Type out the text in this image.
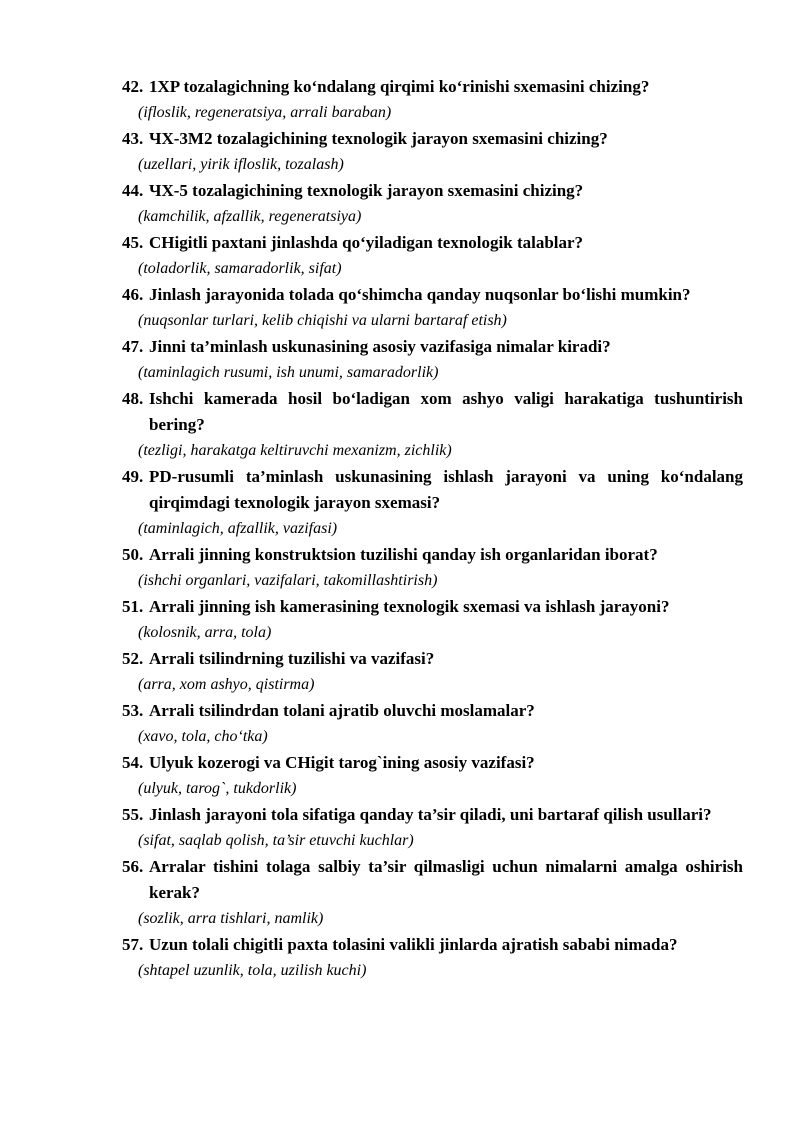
42. 1XP tozalagichning ko‘ndalang qirqimi ko‘rinishi sxemasini chizing?
(ifloslik, regeneratsiya, arrali baraban)
43. ЧХ-3М2 tozalagichining texnologik jarayon sxemasini chizing?
(uzellari, yirik ifloslik, tozalash)
44. ЧХ-5 tozalagichining texnologik jarayon sxemasini chizing?
(kamchilik, afzallik, regeneratsiya)
45. CHigitli paxtani jinlashda qo‘yiladigan texnologik talablar?
(toladorlik, samaradorlik, sifat)
46. Jinlash jarayonida tolada qo‘shimcha qanday nuqsonlar bo‘lishi mumkin?
(nuqsonlar turlari, kelib chiqishi va ularni bartaraf etish)
47. Jinni ta’minlash uskunasining asosiy vazifasiga nimalar kiradi?
(taminlagich rusumi, ish unumi, samaradorlik)
48. Ishchi kamerada hosil bo‘ladigan xom ashyo valigi harakatiga tushuntirish bering?
(tezligi, harakatga keltiruvchi mexanizm, zichlik)
49. PD-rusumli ta’minlash uskunasining ishlash jarayoni va uning ko‘ndalang qirqimdagi texnologik jarayon sxemasi?
(taminlagich, afzallik, vazifasi)
50. Arrali jinning konstruktsion tuzilishi qanday ish organlaridan iborat?
(ishchi organlari, vazifalari, takomillashtirish)
51. Arrali jinning ish kamerasining texnologik sxemasi va ishlash jarayoni?
(kolosnik, arra, tola)
52. Arrali tsilindrning tuzilishi va vazifasi?
(arra, xom ashyo, qistirma)
53. Arrali tsilindrdan tolani ajratib oluvchi moslamalar?
(xavo, tola, cho‘tka)
54. Ulyuk kozerogi va CHigit tarog`ining asosiy vazifasi?
(ulyuk, tarog`, tukdorlik)
55. Jinlash jarayoni tola sifatiga qanday ta’sir qiladi, uni bartaraf qilish usullari?
(sifat, saqlab qolish, ta’sir etuvchi kuchlar)
56. Arralar tishini tolaga salbiy ta’sir qilmasligi uchun nimalarni amalga oshirish kerak?
(sozlik, arra tishlari, namlik)
57. Uzun tolali chigitli paxta tolasini valikli jinlarda ajratish sababi nimada?
(shtapel uzunlik, tola, uzilish kuchi)
